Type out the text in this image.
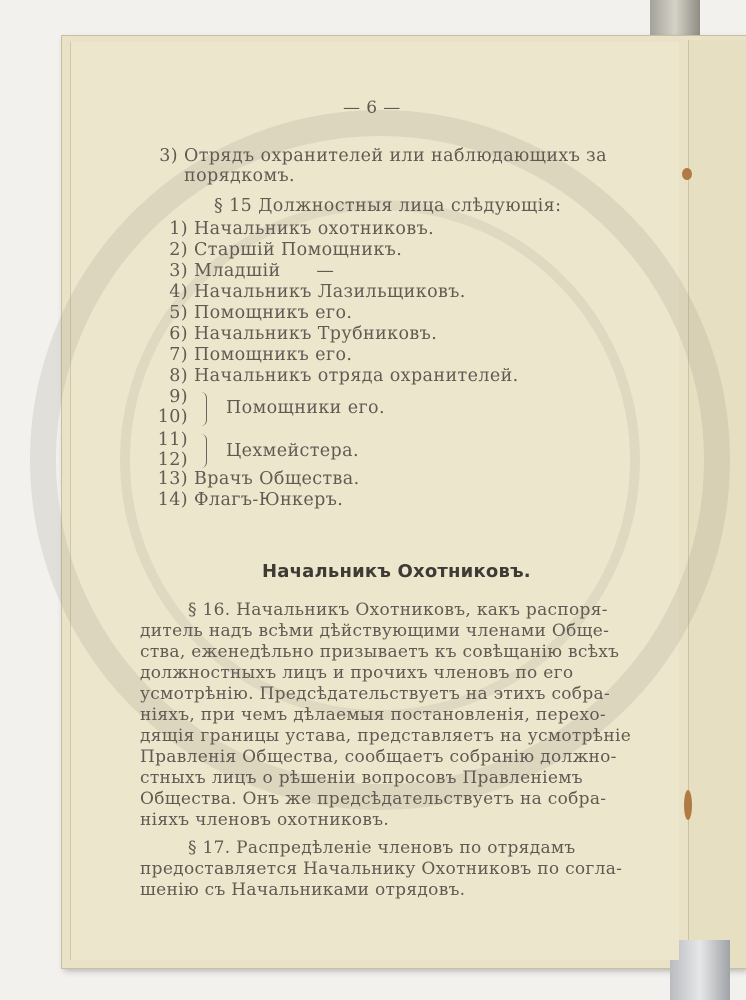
— 6 —
3) Отрядъ охранителей или наблюдающихъ за
порядкомъ.
§ 15 Должностныя лица слѣдующія:
1) Начальникъ охотниковъ.
2) Старшій Помощникъ.
3) Младшій      —
4) Начальникъ Лазильщиковъ.
5) Помощникъ его.
6) Начальникъ Трубниковъ.
7) Помощникъ его.
8) Начальникъ отряда охранителей.
9)
10)	Помощники его.
11)
12)	Цехмейстера.
13) Врачъ Общества.
14) Флагъ-Юнкеръ.
Начальникъ Охотниковъ.
§ 16. Начальникъ Охотниковъ, какъ распоря-
дитель надъ всѣми дѣйствующими членами Обще-
ства, еженедѣльно призываетъ къ совѣщанію всѣхъ
должностныхъ лицъ и прочихъ членовъ по его
усмотрѣнію. Предсѣдательствуетъ на этихъ собра-
ніяхъ, при чемъ дѣлаемыя постановленія, перехо-
дящія границы устава, представляетъ на усмотрѣніе
Правленія Общества, сообщаетъ собранію должно-
стныхъ лицъ о рѣшеніи вопросовъ Правленіемъ
Общества. Онъ же предсѣдательствуетъ на собра-
ніяхъ членовъ охотниковъ.
§ 17. Распредѣленіе членовъ по отрядамъ
предоставляется Начальнику Охотниковъ по согла-
шенію съ Начальниками отрядовъ.
